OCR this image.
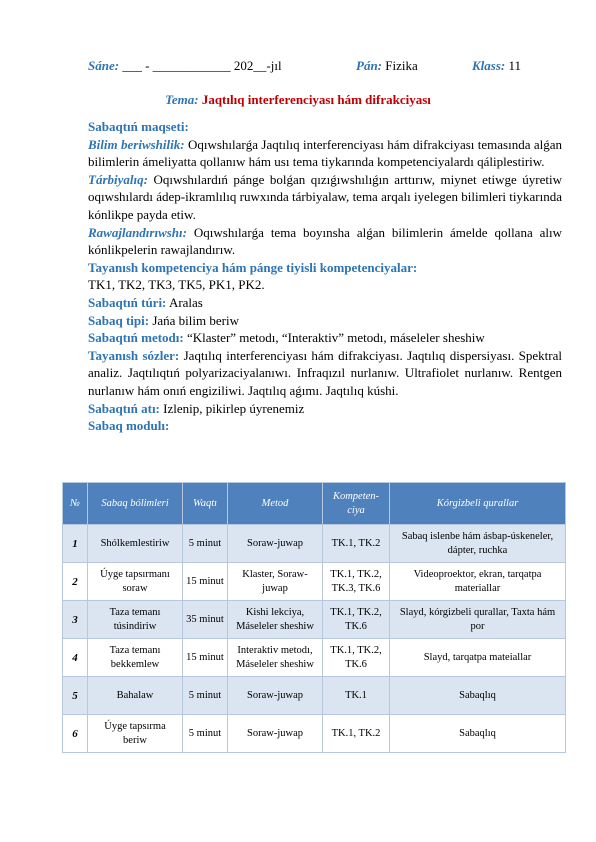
Sáne: ___ - ____________ 202__-jıl	Pán: Fizika	Klass: 11
Tema: Jaqtılıq interferenciyası hám difrakciyası

Sabaqtıń maqseti:

Bilim beriwshilik: Oqıwshılarǵa Jaqtılıq interferenciyası hám difrakciyası temasında alǵan bilimlerin ámeliyatta qollanıw hám usı tema tiykarında kompetenciyalardı qáliplestiriw.

Tárbiyalıq: Oqıwshılardıń pánge bolǵan qızıǵıwshılıǵın arttırıw, miynet etiwge úyretiw oqıwshılardı ádep-ikramlılıq ruwxında tárbiyalaw, tema arqalı iyelegen bilimleri tiykarında kónlikpe payda etiw.

Rawajlandırıwshı: Oqıwshılarǵa tema boyınsha alǵan bilimlerin ámelde qollana alıw kónlikpelerin rawajlandırıw.

Tayanısh kompetenciya hám pánge tiyisli kompetenciyalar:

TK1, TK2, TK3, TK5, PK1, PK2.

Sabaqtıń túri: Aralas

Sabaq tipi: Jańa bilim beriw

Sabaqtıń metodı: “Klaster” metodı, “Interaktiv” metodı, máseleler sheshiw

Tayanısh sózler: Jaqtılıq interferenciyası hám difrakciyası. Jaqtılıq dispersiyası. Spektral analiz. Jaqtılıqtıń polyarizaciyalanıwı. Infraqızıl nurlanıw. Ultrafiolet nurlanıw. Rentgen nurlanıw hám onıń engiziliwi. Jaqtılıq aǵımı. Jaqtılıq kúshi.

Sabaqtıń atı: Izlenip, pikirlep úyrenemiz

Sabaq modulı:

№	Sabaq bólimleri	Waqtı	Metod	Kompeten-ciya	Kórgizbeli qurallar
1	Shólkemlestiriw	5 minut	Soraw-juwap	TK.1, TK.2	Sabaq islenbe hám ásbap-úskeneler, dápter, ruchka
2	Úyge tapsırmanı soraw	15 minut	Klaster, Soraw-juwap	TK.1, TK.2, TK.3, TK.6	Videoproektor, ekran, tarqatpa materiallar
3	Taza temanı túsindiriw	35 minut	Kishi lekciya, Máseleler sheshiw	TK.1, TK.2, TK.6	Slayd, kórgizbeli qurallar, Taxta hám por
4	Taza temanı bekkemlew	15 minut	Interaktiv metodı, Máseleler sheshiw	TK.1, TK.2, TK.6	Slayd, tarqatpa mateiallar
5	Bahalaw	5 minut	Soraw-juwap	TK.1	Sabaqlıq
6	Úyge tapsırma beriw	5 minut	Soraw-juwap	TK.1, TK.2	Sabaqlıq
